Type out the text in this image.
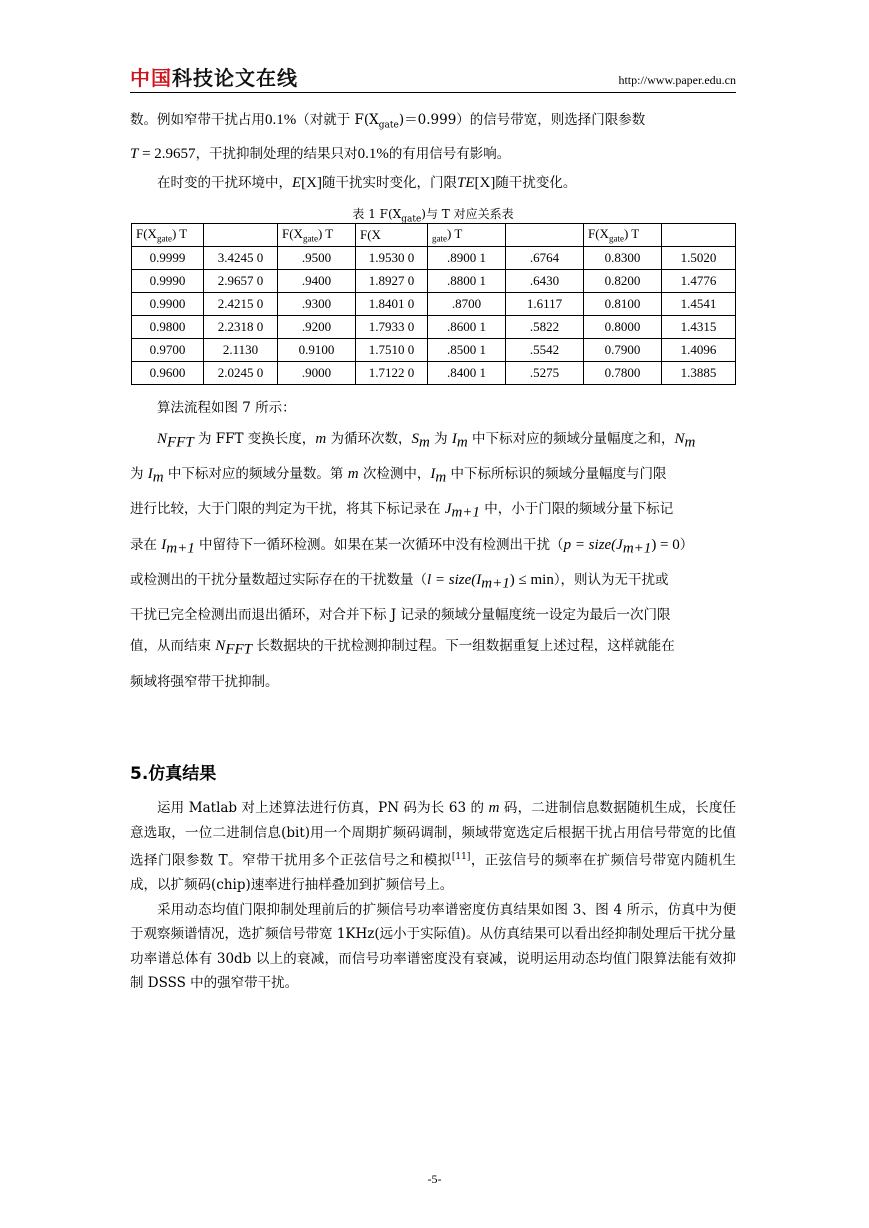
中国科技论文在线	http://www.paper.edu.cn

数。例如窄带干扰占用0.1%（对就于 $F(X_{gate})=0.999$）的信号带宽，则选择门限参数

T = 2.9657，干扰抑制处理的结果只对0.1%的有用信号有影响。

在时变的干扰环境中，E[X]随干扰实时变化，门限TE[X]随干扰变化。

表 1 $F(X_{gate})$与 T 对应关系表
$F(X_{gate})$ T		$F(X_{gate})$ T	F(X	$_{gate}$) T		$F(X_{gate})$ T	
0.9999	3.4245 0	.9500	1.9530 0	.8900 1	.6764	0.8300	1.5020
0.9990	2.9657 0	.9400	1.8927 0	.8800 1	.6430	0.8200	1.4776
0.9900	2.4215 0	.9300	1.8401 0	.8700	1.6117	0.8100	1.4541
0.9800	2.2318 0	.9200	1.7933 0	.8600 1	.5822	0.8000	1.4315
0.9700	2.1130	0.9100	1.7510 0	.8500 1	.5542	0.7900	1.4096
0.9600	2.0245 0	.9000	1.7122 0	.8400 1	.5275	0.7800	1.3885

算法流程如图 7 所示：

$N_{FFT}$ 为 FFT 变换长度，m 为循环次数，$S_m$ 为 $I_m$ 中下标对应的频域分量幅度之和，$N_m$

为 $I_m$ 中下标对应的频域分量数。第 m 次检测中，$I_m$ 中下标所标识的频域分量幅度与门限

进行比较，大于门限的判定为干扰，将其下标记录在 $J_{m+1}$ 中，小于门限的频域分量下标记

录在 $I_{m+1}$ 中留待下一循环检测。如果在某一次循环中没有检测出干扰$(p = size(J_{m+1}) = 0)$

或检测出的干扰分量数超过实际存在的干扰数量$(l = size(I_{m+1}) \le \min)$，则认为无干扰或

干扰已完全检测出而退出循环，对合并下标 J 记录的频域分量幅度统一设定为最后一次门限

值，从而结束 $N_{FFT}$ 长数据块的干扰检测抑制过程。下一组数据重复上述过程，这样就能在

频域将强窄带干扰抑制。

5.仿真结果

运用 Matlab 对上述算法进行仿真，PN 码为长 63 的 m 码，二进制信息数据随机生成，长度任意选取，一位二进制信息(bit)用一个周期扩频码调制，频域带宽选定后根据干扰占用信号带宽的比值选择门限参数 T。窄带干扰用多个正弦信号之和模拟[11]，正弦信号的频率在扩频信号带宽内随机生成，以扩频码(chip)速率进行抽样叠加到扩频信号上。

采用动态均值门限抑制处理前后的扩频信号功率谱密度仿真结果如图 3、图 4 所示，仿真中为便于观察频谱情况，选扩频信号带宽 1KHz(远小于实际值)。从仿真结果可以看出经抑制处理后干扰分量功率谱总体有 30db 以上的衰减，而信号功率谱密度没有衰减，说明运用动态均值门限算法能有效抑制 DSSS 中的强窄带干扰。

-5-
